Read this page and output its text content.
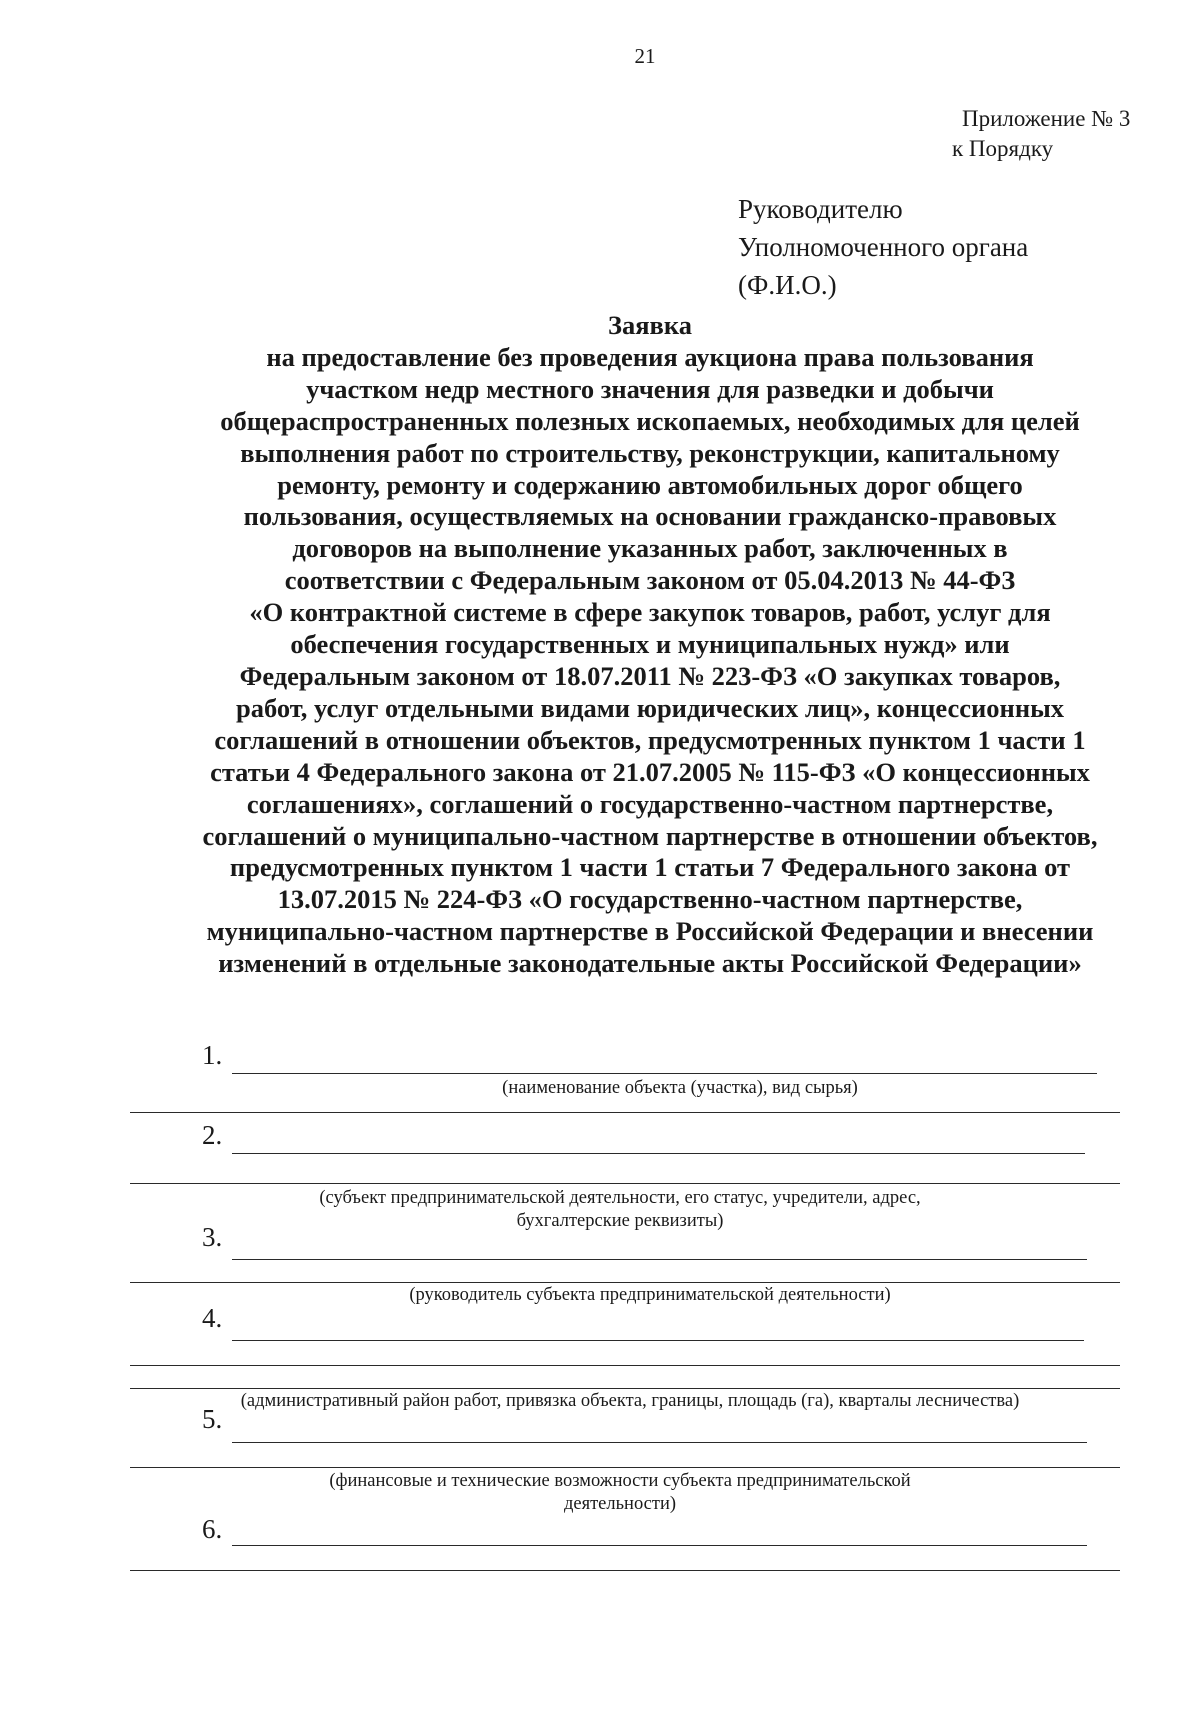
21
Приложение № 3
к Порядку
Руководителю
Уполномоченного органа
(Ф.И.О.)
Заявка
на предоставление без проведения аукциона права пользования
участком недр местного значения для разведки и добычи
общераспространенных полезных ископаемых, необходимых для целей
выполнения работ по строительству, реконструкции, капитальному
ремонту, ремонту и содержанию автомобильных дорог общего
пользования, осуществляемых на основании гражданско-правовых
договоров на выполнение указанных работ, заключенных в
соответствии с Федеральным законом от 05.04.2013 № 44-ФЗ
«О контрактной системе в сфере закупок товаров, работ, услуг для
обеспечения государственных и муниципальных нужд» или
Федеральным законом от 18.07.2011 № 223-ФЗ «О закупках товаров,
работ, услуг отдельными видами юридических лиц», концессионных
соглашений в отношении объектов, предусмотренных пунктом 1 части 1
статьи 4 Федерального закона от 21.07.2005 № 115-ФЗ «О концессионных
соглашениях», соглашений о государственно-частном партнерстве,
соглашений о муниципально-частном партнерстве в отношении объектов,
предусмотренных пунктом 1 части 1 статьи 7 Федерального закона от
13.07.2015 № 224-ФЗ «О государственно-частном партнерстве,
муниципально-частном партнерстве в Российской Федерации и внесении
изменений в отдельные законодательные акты Российской Федерации»
1.
(наименование объекта (участка), вид сырья)
2.
(субъект предпринимательской деятельности, его статус, учредители, адрес,
бухгалтерские реквизиты)
3.
(руководитель субъекта предпринимательской деятельности)
4.
(административный район работ, привязка объекта, границы, площадь (га), кварталы лесничества)
5.
(финансовые и технические возможности субъекта предпринимательской
деятельности)
6.
